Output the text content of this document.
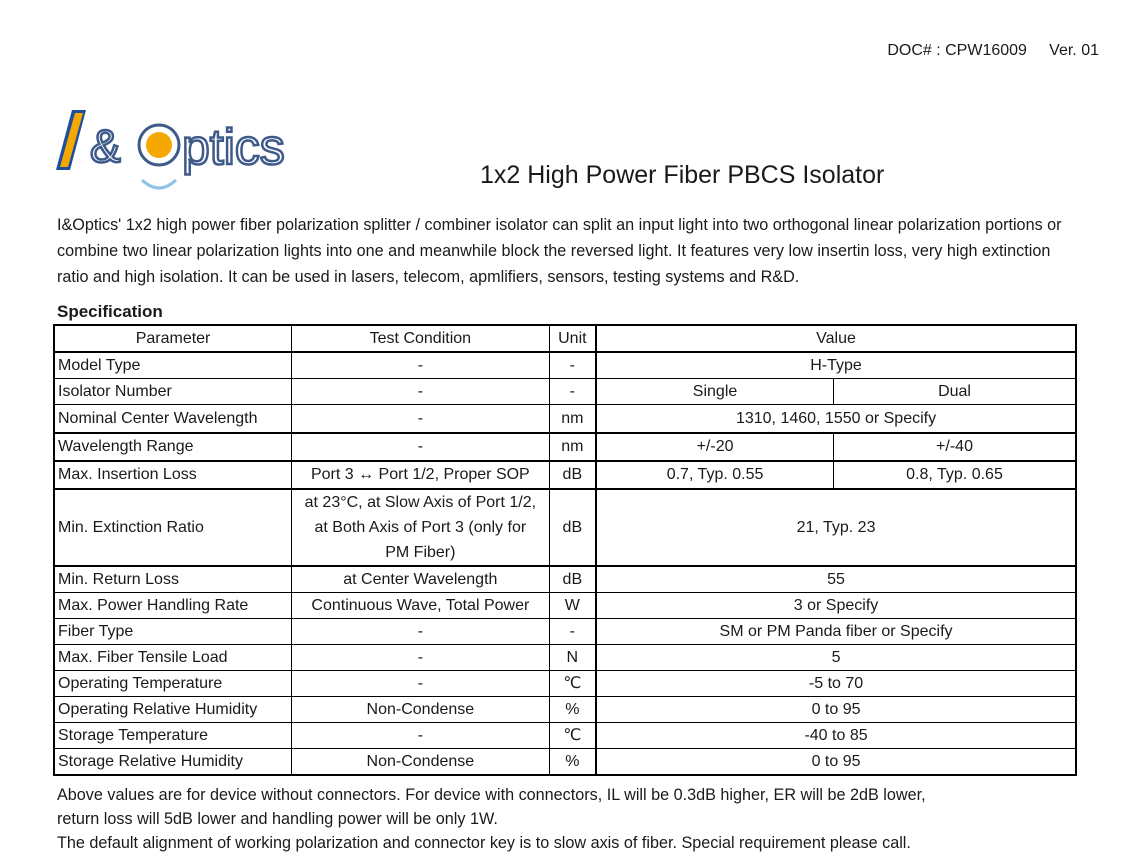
DOC# : CPW16009 Ver. 01
& ptics	1x2 High Power Fiber PBCS Isolator
I&Optics' 1x2 high power fiber polarization splitter / combiner isolator can split an input light into two orthogonal linear polarization portions or combine two linear polarization lights into one and meanwhile block the reversed light. It features very low insertin loss, very high extinction ratio and high isolation. It can be used in lasers, telecom, apmlifiers, sensors, testing systems and R&D.
Specification
Parameter	Test Condition	Unit	Value	
Model Type	-	-	H-Type	
Isolator Number	-	-	Single	Dual
Nominal Center Wavelength	-	nm	1310, 1460, 1550 or Specify	
Wavelength Range	-	nm	+/-20	+/-40
Max. Insertion Loss	Port 3 ↔ Port 1/2, Proper SOP	dB	0.7, Typ. 0.55	0.8, Typ. 0.65
Min. Extinction Ratio	at 23°C, at Slow Axis of Port 1/2,
at Both Axis of Port 3 (only for
PM Fiber)	dB	21, Typ. 23	
Min. Return Loss	at Center Wavelength	dB	55	
Max. Power Handling Rate	Continuous Wave, Total Power	W	3 or Specify	
Fiber Type	-	-	SM or PM Panda fiber or Specify	
Max. Fiber Tensile Load	-	N	5	
Operating Temperature	-	℃	-5 to 70	
Operating Relative Humidity	Non-Condense	%	0 to 95	
Storage Temperature	-	℃	-40 to 85	
Storage Relative Humidity	Non-Condense	%	0 to 95	
Above values are for device without connectors. For device with connectors, IL will be 0.3dB higher, ER will be 2dB lower,
return loss will 5dB lower and handling power will be only 1W.
The default alignment of working polarization and connector key is to slow axis of fiber. Special requirement please call.
